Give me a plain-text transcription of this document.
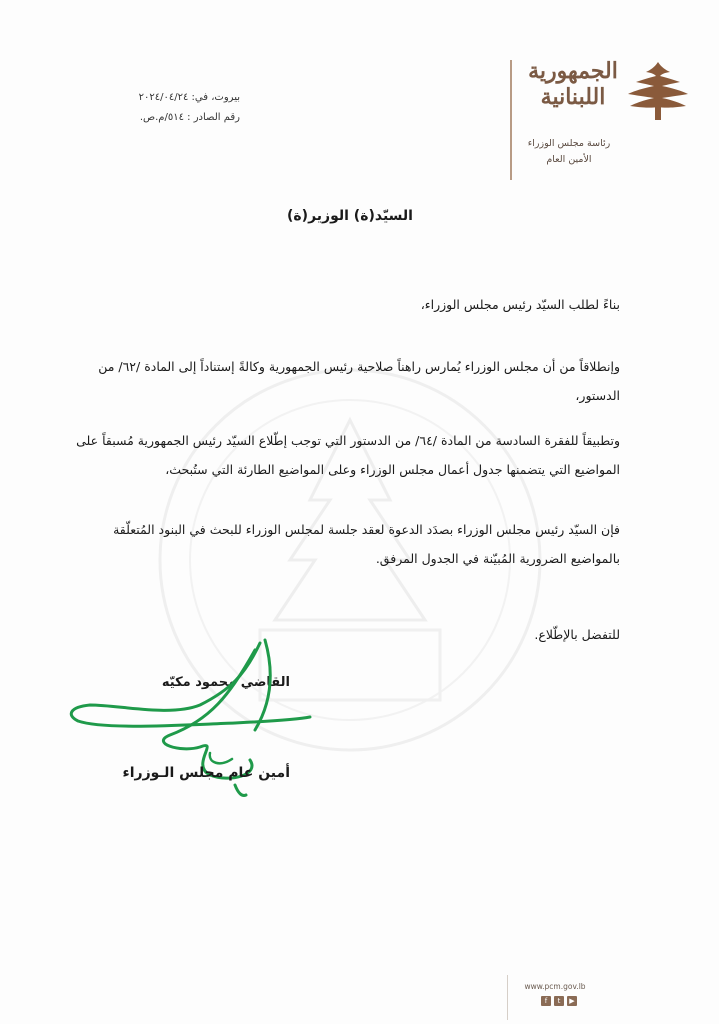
الجمهورية
اللبنانية
رئاسة مجلس الوزراء
الأمين العام
بيروت، في: ٢٠٢٤/٠٤/٢٤
رقم الصادر : ٥١٤/م.ص.
السيّد(ة) الوزير(ة)
بناءً لطلب السيّد رئيس مجلس الوزراء،
وإنطلاقاً من أن مجلس الوزراء يُمارس راهناً صلاحية رئيس الجمهورية وكالةً إستناداً إلى المادة /٦٢/ من الدستور،
وتطبيقاً للفقرة السادسة من المادة /٦٤/ من الدستور التي توجب إطّلاع السيّد رئيس الجمهورية مُسبقاً على المواضيع التي يتضمنها جدول أعمال مجلس الوزراء وعلى المواضيع الطارئة التي ستُبحث،
فإن السيّد رئيس مجلس الوزراء بصدَد الدعوة لعقد جلسة لمجلس الوزراء للبحث في البنود المُتعلّقة بالمواضيع الضرورية المُبيّنة في الجدول المرفق.
للتفضل بالإطّلاع.
القاضي محمود مكيّه
أمين عام مجلس الـوزراء
www.pcm.gov.lb
f	t	▶
